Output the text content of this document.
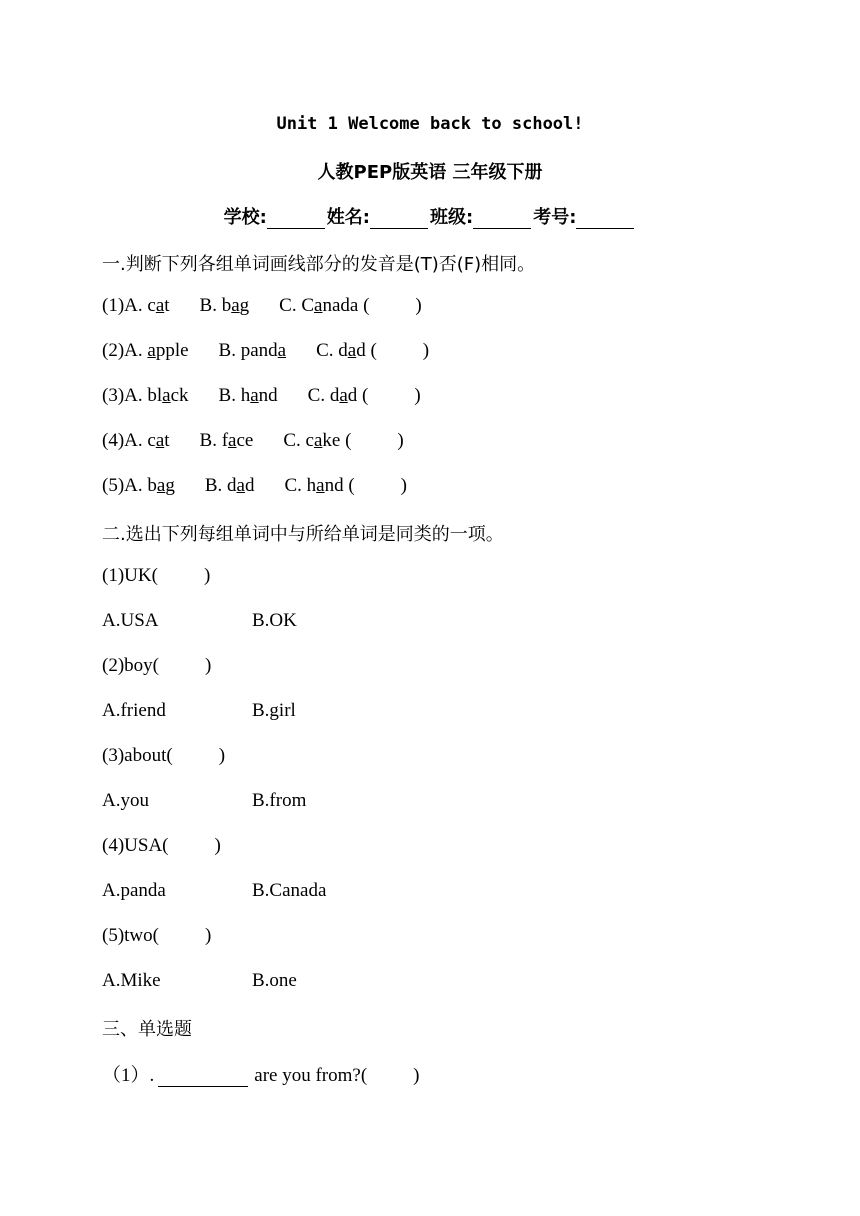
Unit 1 Welcome back to school!
人教PEP版英语 三年级下册
学校:	姓名:	班级:	考号:
一.判断下列各组单词画线部分的发音是(T)否(F)相同。
(1)A. cat B. bag C. Canada ( )
(2)A. apple B. panda C. dad ( )
(3)A. black B. hand C. dad ( )
(4)A. cat B. face C. cake ( )
(5)A. bag B. dad C. hand ( )
二.选出下列每组单词中与所给单词是同类的一项。
(1)UK( )
A.USA	B.OK
(2)boy( )
A.friend	B.girl
(3)about( )
A.you	B.from
(4)USA( )
A.panda	B.Canada
(5)two( )
A.Mike	B.one
三、单选题
（1）.	are you from?( )
